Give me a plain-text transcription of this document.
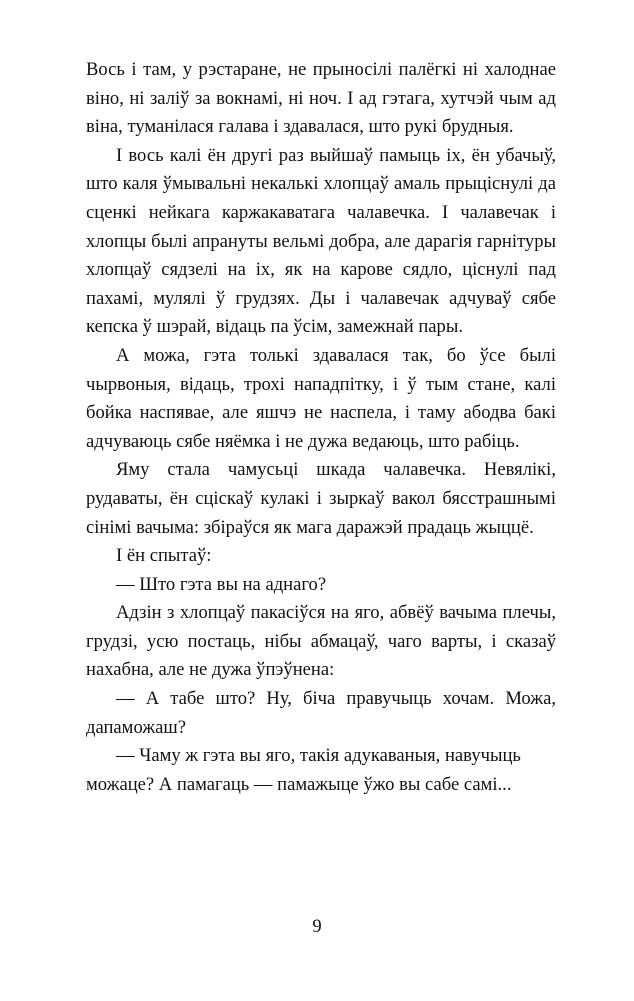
Вось і там, у рэстаране, не прыносілі палёгкі ні халоднае віно, ні заліў за вокнамі, ні ноч. І ад гэтага, хутчэй чым ад віна, туманілася галава і здавалася, што рукі брудныя.

І вось калі ён другі раз выйшаў памыць іх, ён убачыў, што каля ўмывальні некалькі хлопцаў амаль прыціснулі да сценкі нейкага каржакаватага чалавечка. І чалавечак і хлопцы былі апрануты вельмі добра, але дарагія гарнітуры хлопцаў сядзелі на іх, як на карове сядло, ціснулі пад пахамі, мулялі ў грудзях. Ды і чалавечак адчуваў сябе кепска ў шэрай, відаць па ўсім, замежнай пары.

А можа, гэта толькі здавалася так, бо ўсе былі чырвоныя, відаць, трохі нападпітку, і ў тым стане, калі бойка наспявае, але яшчэ не наспела, і таму абодва бакі адчуваюць сябе няёмка і не дужа ведаюць, што рабіць.

Яму стала чамусьці шкада чалавечка. Невялікі, рудаваты, ён сціскаў кулакі і зыркаў вакол бясстрашнымі сінімі вачыма: збіраўся як мага даражэй прадаць жыццё.

І ён спытаў:

— Што гэта вы на аднаго?

Адзін з хлопцаў пакасіўся на яго, абвёў вачыма плечы, грудзі, усю постаць, нібы абмацаў, чаго варты, і сказаў нахабна, але не дужа ўпэўнена:

— А табе што? Ну, біча правучыць хочам. Можа, дапаможаш?

— Чаму ж гэта вы яго, такія адукаваныя, навучыць можаце? А памагаць — памажыце ўжо вы сабе самі...

9
